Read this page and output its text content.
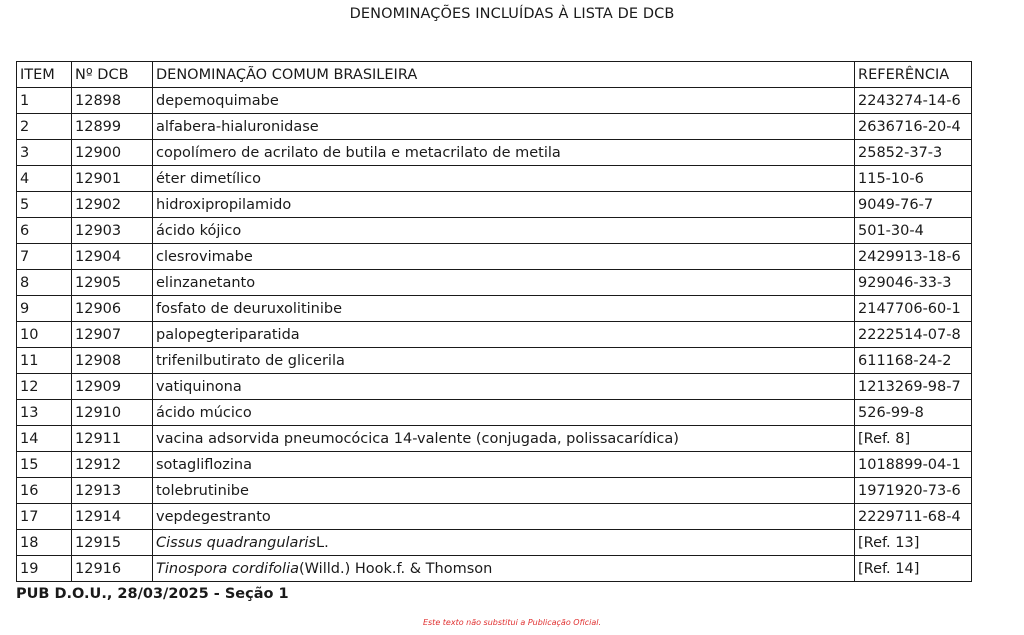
DENOMINAÇÕES INCLUÍDAS À LISTA DE DCB
ITEM	Nº DCB	DENOMINAÇÃO COMUM BRASILEIRA	REFERÊNCIA
1	12898	depemoquimabe	2243274-14-6
2	12899	alfabera-hialuronidase	2636716-20-4
3	12900	copolímero de acrilato de butila e metacrilato de metila	25852-37-3
4	12901	éter dimetílico	115-10-6
5	12902	hidroxipropilamido	9049-76-7
6	12903	ácido kójico	501-30-4
7	12904	clesrovimabe	2429913-18-6
8	12905	elinzanetanto	929046-33-3
9	12906	fosfato de deuruxolitinibe	2147706-60-1
10	12907	palopegteriparatida	2222514-07-8
11	12908	trifenilbutirato de glicerila	611168-24-2
12	12909	vatiquinona	1213269-98-7
13	12910	ácido múcico	526-99-8
14	12911	vacina adsorvida pneumocócica 14-valente (conjugada, polissacarídica)	[Ref. 8]
15	12912	sotagliflozina	1018899-04-1
16	12913	tolebrutinibe	1971920-73-6
17	12914	vepdegestranto	2229711-68-4
18	12915	Cissus quadrangularisL.	[Ref. 13]
19	12916	Tinospora cordifolia(Willd.) Hook.f. & Thomson	[Ref. 14]
PUB D.O.U., 28/03/2025 - Seção 1
Este texto não substitui a Publicação Oficial.
